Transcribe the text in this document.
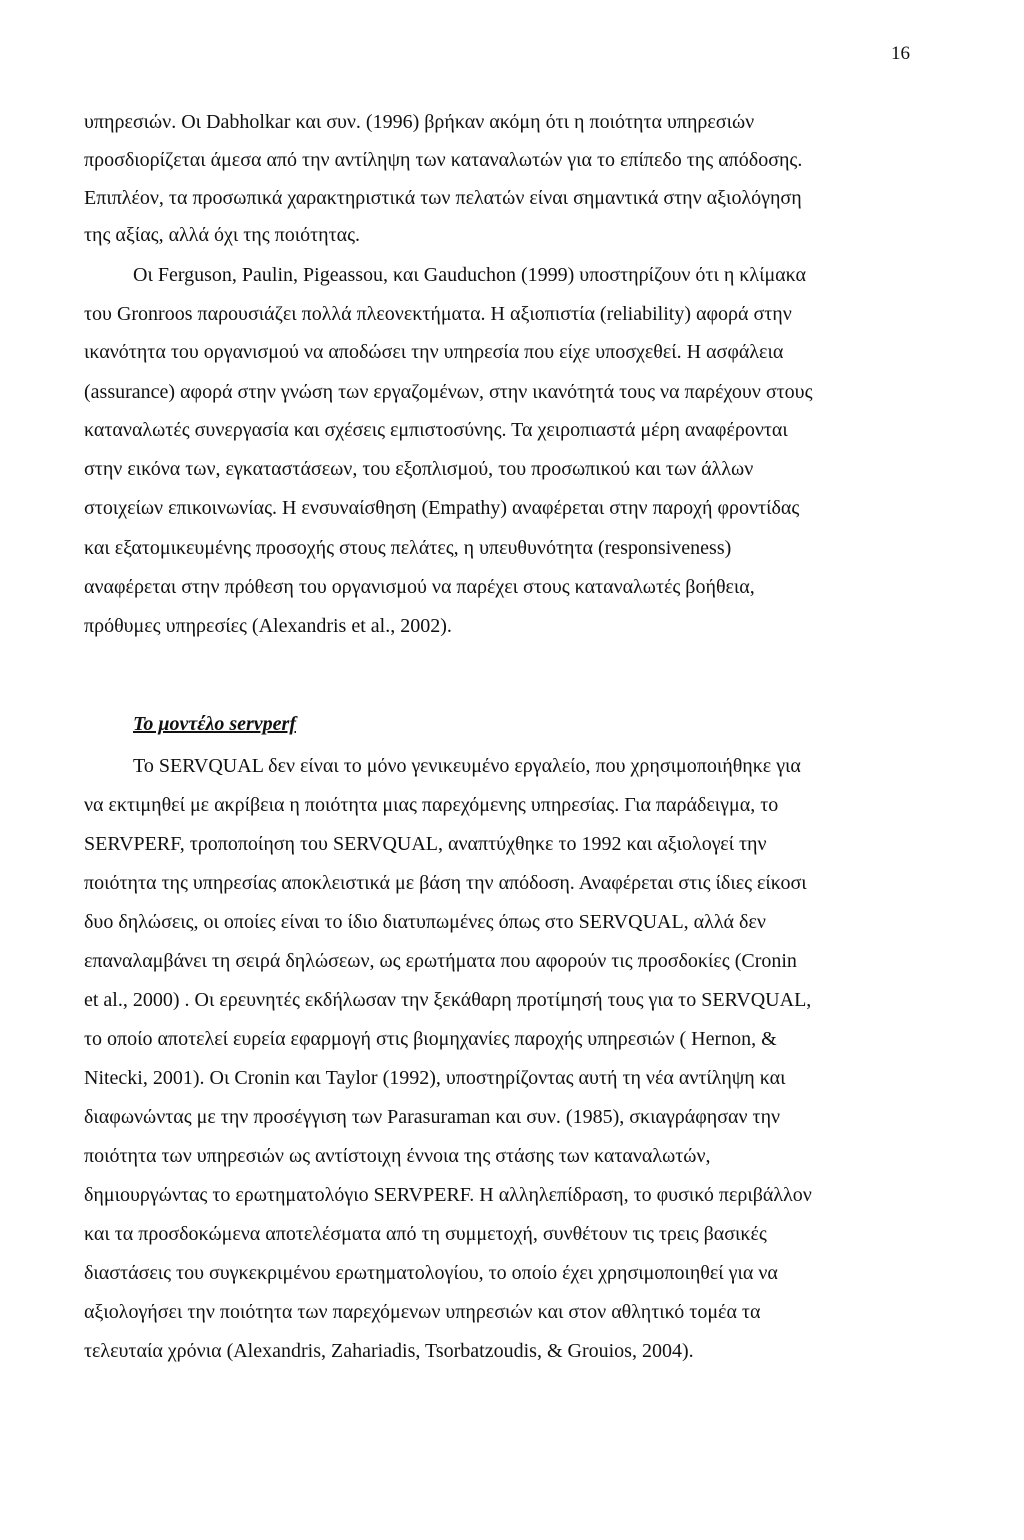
16
υπηρεσιών. Οι Dabholkar και συν. (1996) βρήκαν ακόμη ότι η ποιότητα υπηρεσιών
προσδιορίζεται άμεσα από την αντίληψη των καταναλωτών για το επίπεδο της απόδοσης.
Επιπλέον, τα προσωπικά χαρακτηριστικά των πελατών είναι σημαντικά στην αξιολόγηση
της αξίας, αλλά όχι της ποιότητας.
Οι Ferguson, Paulin, Pigeassou, και Gauduchon (1999) υποστηρίζουν ότι η κλίμακα
του Gronroos παρουσιάζει πολλά πλεονεκτήματα. Η αξιοπιστία (reliability) αφορά στην
ικανότητα του οργανισμού να αποδώσει την υπηρεσία που είχε υποσχεθεί. Η ασφάλεια
(assurance) αφορά στην γνώση των εργαζομένων, στην ικανότητά τους να παρέχουν στους
καταναλωτές συνεργασία και σχέσεις εμπιστοσύνης. Τα χειροπιαστά μέρη αναφέρονται
στην εικόνα των, εγκαταστάσεων, του εξοπλισμού, του προσωπικού και των άλλων
στοιχείων επικοινωνίας. Η ενσυναίσθηση (Empathy) αναφέρεται στην παροχή φροντίδας
και εξατομικευμένης προσοχής στους πελάτες, η υπευθυνότητα (responsiveness)
αναφέρεται στην πρόθεση του οργανισμού να παρέχει στους καταναλωτές βοήθεια,
πρόθυμες υπηρεσίες (Alexandris et al., 2002).
Το μοντέλο servperf
Το SERVQUAL δεν είναι το μόνο γενικευμένο εργαλείο, που χρησιμοποιήθηκε για
να εκτιμηθεί με ακρίβεια η ποιότητα μιας παρεχόμενης υπηρεσίας. Για παράδειγμα, το
SERVPERF, τροποποίηση του SERVQUAL, αναπτύχθηκε το 1992 και αξιολογεί την
ποιότητα της υπηρεσίας αποκλειστικά με βάση την απόδοση. Αναφέρεται στις ίδιες είκοσι
δυο δηλώσεις, οι οποίες είναι το ίδιο διατυπωμένες όπως στο SERVQUAL, αλλά δεν
επαναλαμβάνει τη σειρά δηλώσεων, ως ερωτήματα που αφορούν τις προσδοκίες (Cronin
et al., 2000) . Οι ερευνητές εκδήλωσαν την ξεκάθαρη προτίμησή τους για το SERVQUAL,
το οποίο αποτελεί ευρεία εφαρμογή στις βιομηχανίες παροχής υπηρεσιών ( Hernon, &
Nitecki, 2001). Οι Cronin και Taylor (1992), υποστηρίζοντας αυτή τη νέα αντίληψη και
διαφωνώντας με την προσέγγιση των Parasuraman και συν. (1985), σκιαγράφησαν την
ποιότητα των υπηρεσιών ως αντίστοιχη έννοια της στάσης των καταναλωτών,
δημιουργώντας το ερωτηματολόγιο SERVPERF. Η αλληλεπίδραση, το φυσικό περιβάλλον
και τα προσδοκώμενα αποτελέσματα από τη συμμετοχή, συνθέτουν τις τρεις βασικές
διαστάσεις του συγκεκριμένου ερωτηματολογίου, το οποίο έχει χρησιμοποιηθεί για να
αξιολογήσει την ποιότητα των παρεχόμενων υπηρεσιών και στον αθλητικό τομέα τα
τελευταία χρόνια (Alexandris, Zahariadis, Tsorbatzoudis, & Grouios, 2004).
